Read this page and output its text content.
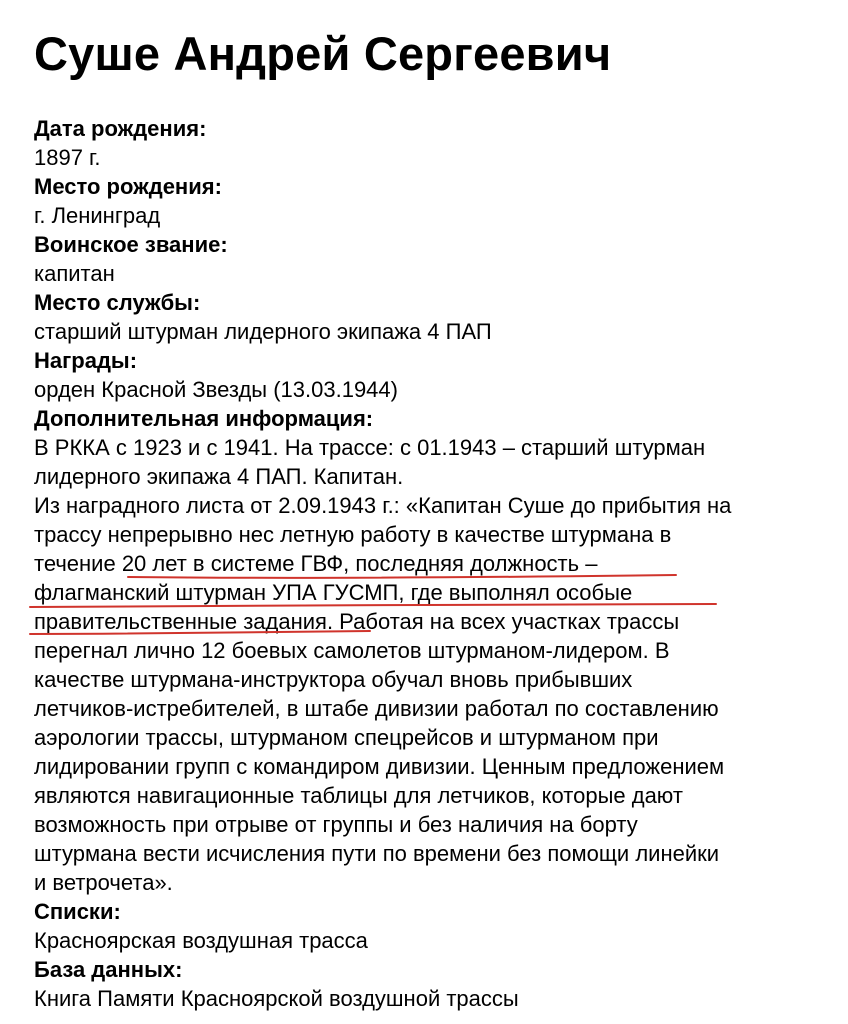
Суше Андрей Сергеевич
Дата рождения:
1897 г.
Место рождения:
г. Ленинград
Воинское звание:
капитан
Место службы:
старший штурман лидерного экипажа 4 ПАП
Награды:
орден Красной Звезды (13.03.1944)
Дополнительная информация:
В РККА с 1923 и с 1941. На трассе: с 01.1943 – старший штурман
лидерного экипажа 4 ПАП. Капитан.
Из наградного листа от 2.09.1943 г.: «Капитан Суше до прибытия на
трассу непрерывно нес летную работу в качестве штурмана в
течение 20 лет в системе ГВФ, последняя должность –
флагманский штурман УПА ГУСМП, где выполнял особые
правительственные задания. Работая на всех участках трассы
перегнал лично 12 боевых самолетов штурманом-лидером. В
качестве штурмана-инструктора обучал вновь прибывших
летчиков-истребителей, в штабе дивизии работал по составлению
аэрологии трассы, штурманом спецрейсов и штурманом при
лидировании групп с командиром дивизии. Ценным предложением
являются навигационные таблицы для летчиков, которые дают
возможность при отрыве от группы и без наличия на борту
штурмана вести исчисления пути по времени без помощи линейки
и ветрочета».
Списки:
Красноярская воздушная трасса
База данных:
Книга Памяти Красноярской воздушной трассы
